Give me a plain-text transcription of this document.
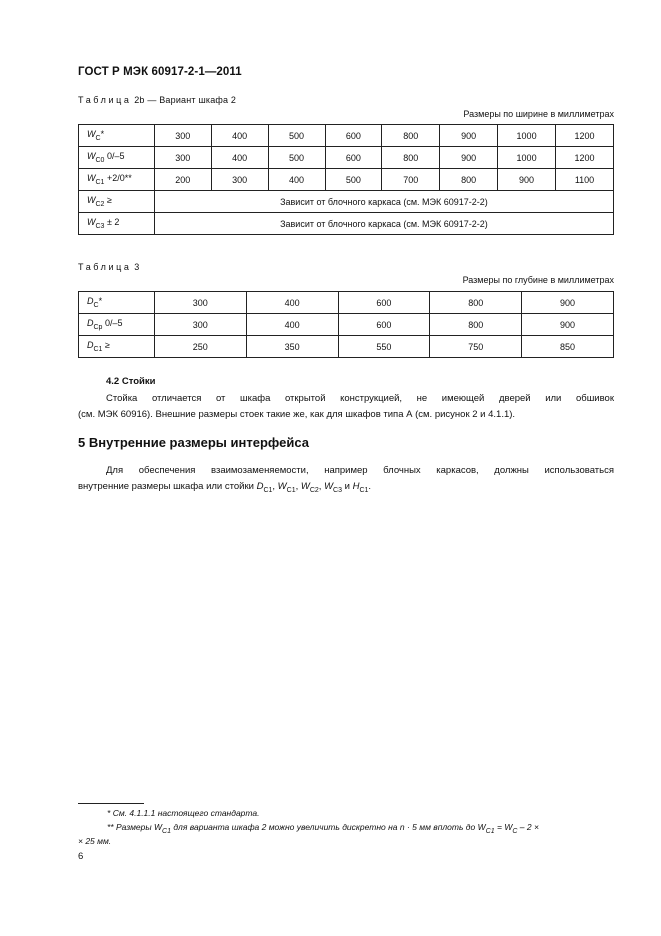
ГОСТ Р МЭК 60917-2-1—2011
Таблица 2b — Вариант шкафа 2
Размеры по ширине в миллиметрах
$W_C*$	300	400	500	600	800	900	1000	1200
$W_{C0}$ 0/–5	300	400	500	600	800	900	1000	1200
$W_{C1} +2/0**$	200	300	400	500	700	800	900	1100
$W_{C2}$ ≥	Зависит от блочного каркаса (см. МЭК 60917-2-2)							
$W_{C3} \pm 2$	Зависит от блочного каркаса (см. МЭК 60917-2-2)							
Таблица 3
Размеры по глубине в миллиметрах
$D_C*$	300	400	600	800	900
$D_{Cp}$ 0/–5	300	400	600	800	900
$D_{C1}$ ≥	250	350	550	750	850
4.2 Стойки
Стойка отличается от шкафа открытой конструкцией, не имеющей дверей или обшивок
(см. МЭК 60916). Внешние размеры стоек такие же, как для шкафов типа А (см. рисунок 2 и 4.1.1).
5 Внутренние размеры интерфейса
Для обеспечения взаимозаменяемости, например блочных каркасов, должны использоваться
внутренние размеры шкафа или стойки $D_{C1}$, $W_{C1}$, $W_{C2}$, $W_{C3}$ и $H_{C1}$.
* См. 4.1.1.1 настоящего стандарта.
** Размеры $W_{C1}$ для варианта шкафа 2 можно увеличить дискретно на n · 5 мм вплоть до $W_{C1} = W_C - 2$ ×
× 25 мм.
6
